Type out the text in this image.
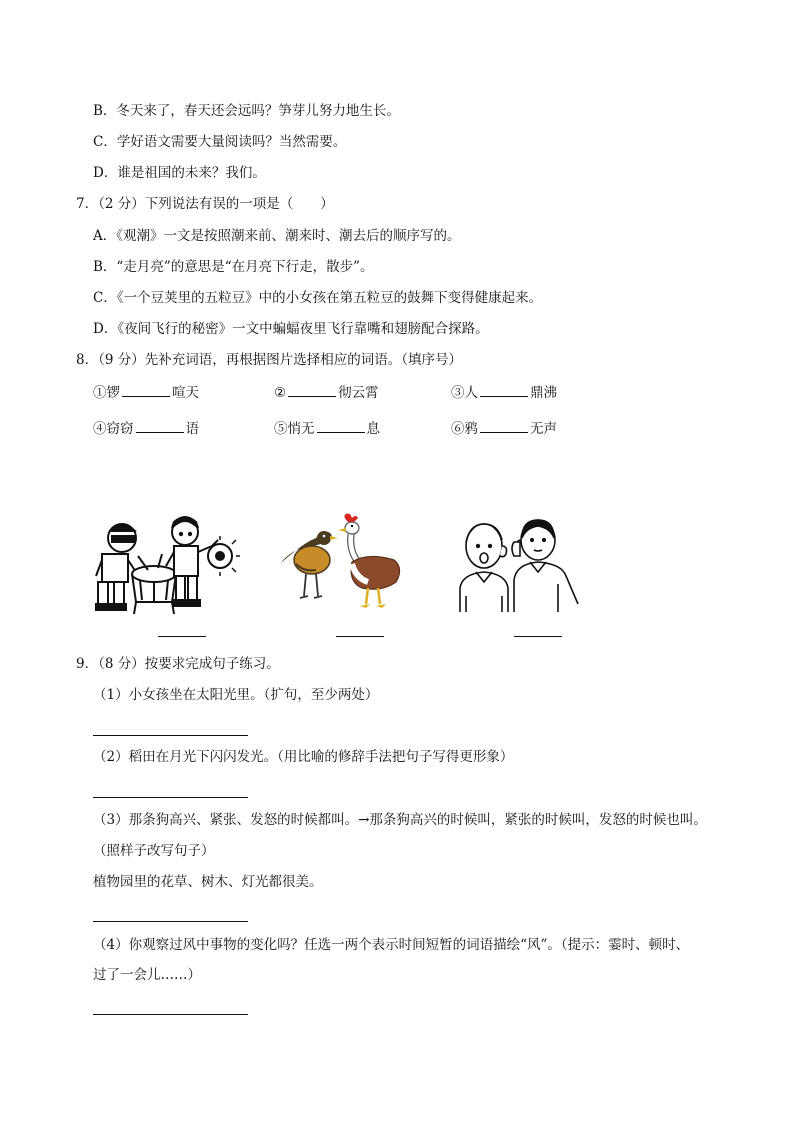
B．冬天来了，春天还会远吗？笋芽儿努力地生长。
C．学好语文需要大量阅读吗？当然需要。
D．谁是祖国的未来？我们。
7．（2 分）下列说法有误的一项是（　　）
A．《观潮》一文是按照潮来前、潮来时、潮去后的顺序写的。
B．“走月亮”的意思是“在月亮下行走，散步”。
C．《一个豆荚里的五粒豆》中的小女孩在第五粒豆的鼓舞下变得健康起来。
D．《夜间飞行的秘密》一文中蝙蝠夜里飞行靠嘴和翅膀配合探路。
8．（9 分）先补充词语，再根据图片选择相应的词语。（填序号）
①锣	喧天	②	彻云霄	③人	鼎沸
④窃窃	语	⑤悄无	息	⑥鸦	无声
9．（8 分）按要求完成句子练习。
（1）小女孩坐在太阳光里。（扩句，至少两处）
（2）稻田在月光下闪闪发光。（用比喻的修辞手法把句子写得更形象）
（3）那条狗高兴、紧张、发怒的时候都叫。→那条狗高兴的时候叫，紧张的时候叫，发怒的时候也叫。
（照样子改写句子）
植物园里的花草、树木、灯光都很美。
（4）你观察过风中事物的变化吗？任选一两个表示时间短暂的词语描绘“风”。（提示：霎时、顿时、
过了一会儿……）
